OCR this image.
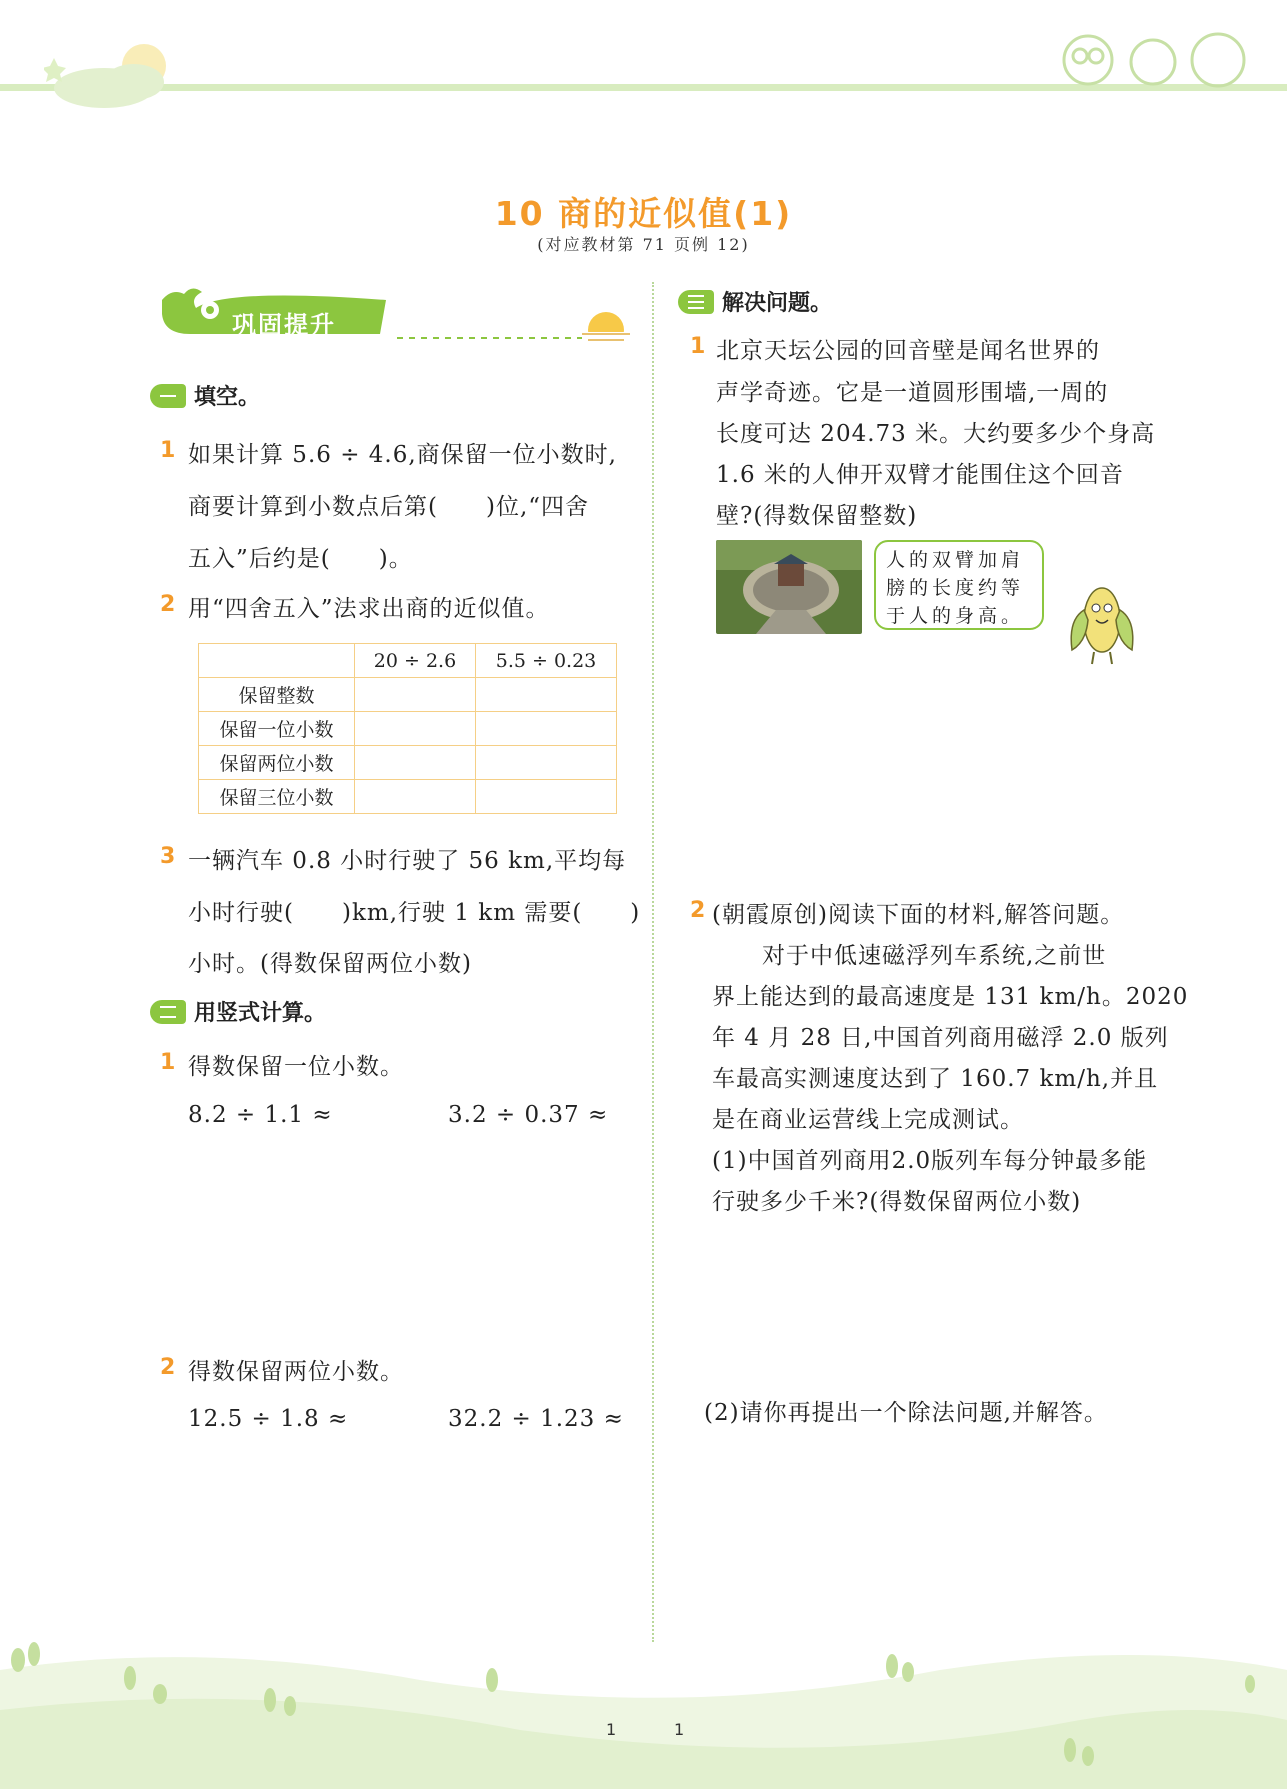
10 商的近似值(1)
(对应教材第 71 页例 12)
巩固提升
填空。
1 如果计算 5.6 ÷ 4.6,商保留一位小数时,
商要计算到小数点后第(　　)位,“四舍
五入”后约是(　　)。
2 用“四舍五入”法求出商的近似值。
	20 ÷ 2.6	5.5 ÷ 0.23
保留整数		
保留一位小数		
保留两位小数		
保留三位小数		
3 一辆汽车 0.8 小时行驶了 56 km,平均每
小时行驶(　　)km,行驶 1 km 需要(　　)
小时。(得数保留两位小数)
用竖式计算。
1 得数保留一位小数。
8.2 ÷ 1.1 ≈	3.2 ÷ 0.37 ≈
2 得数保留两位小数。
12.5 ÷ 1.8 ≈	32.2 ÷ 1.23 ≈
解决问题。
1 北京天坛公园的回音壁是闻名世界的
声学奇迹。它是一道圆形围墙,一周的
长度可达 204.73 米。大约要多少个身高
1.6 米的人伸开双臂才能围住这个回音
壁?(得数保留整数)
人的双臂加肩
膀的长度约等
于人的身高。
2 (朝霞原创)阅读下面的材料,解答问题。
对于中低速磁浮列车系统,之前世
界上能达到的最高速度是 131 km/h。2020
年 4 月 28 日,中国首列商用磁浮 2.0 版列
车最高实测速度达到了 160.7 km/h,并且
是在商业运营线上完成测试。
(1)中国首列商用2.0版列车每分钟最多能
行驶多少千米?(得数保留两位小数)
(2)请你再提出一个除法问题,并解答。
1	1
